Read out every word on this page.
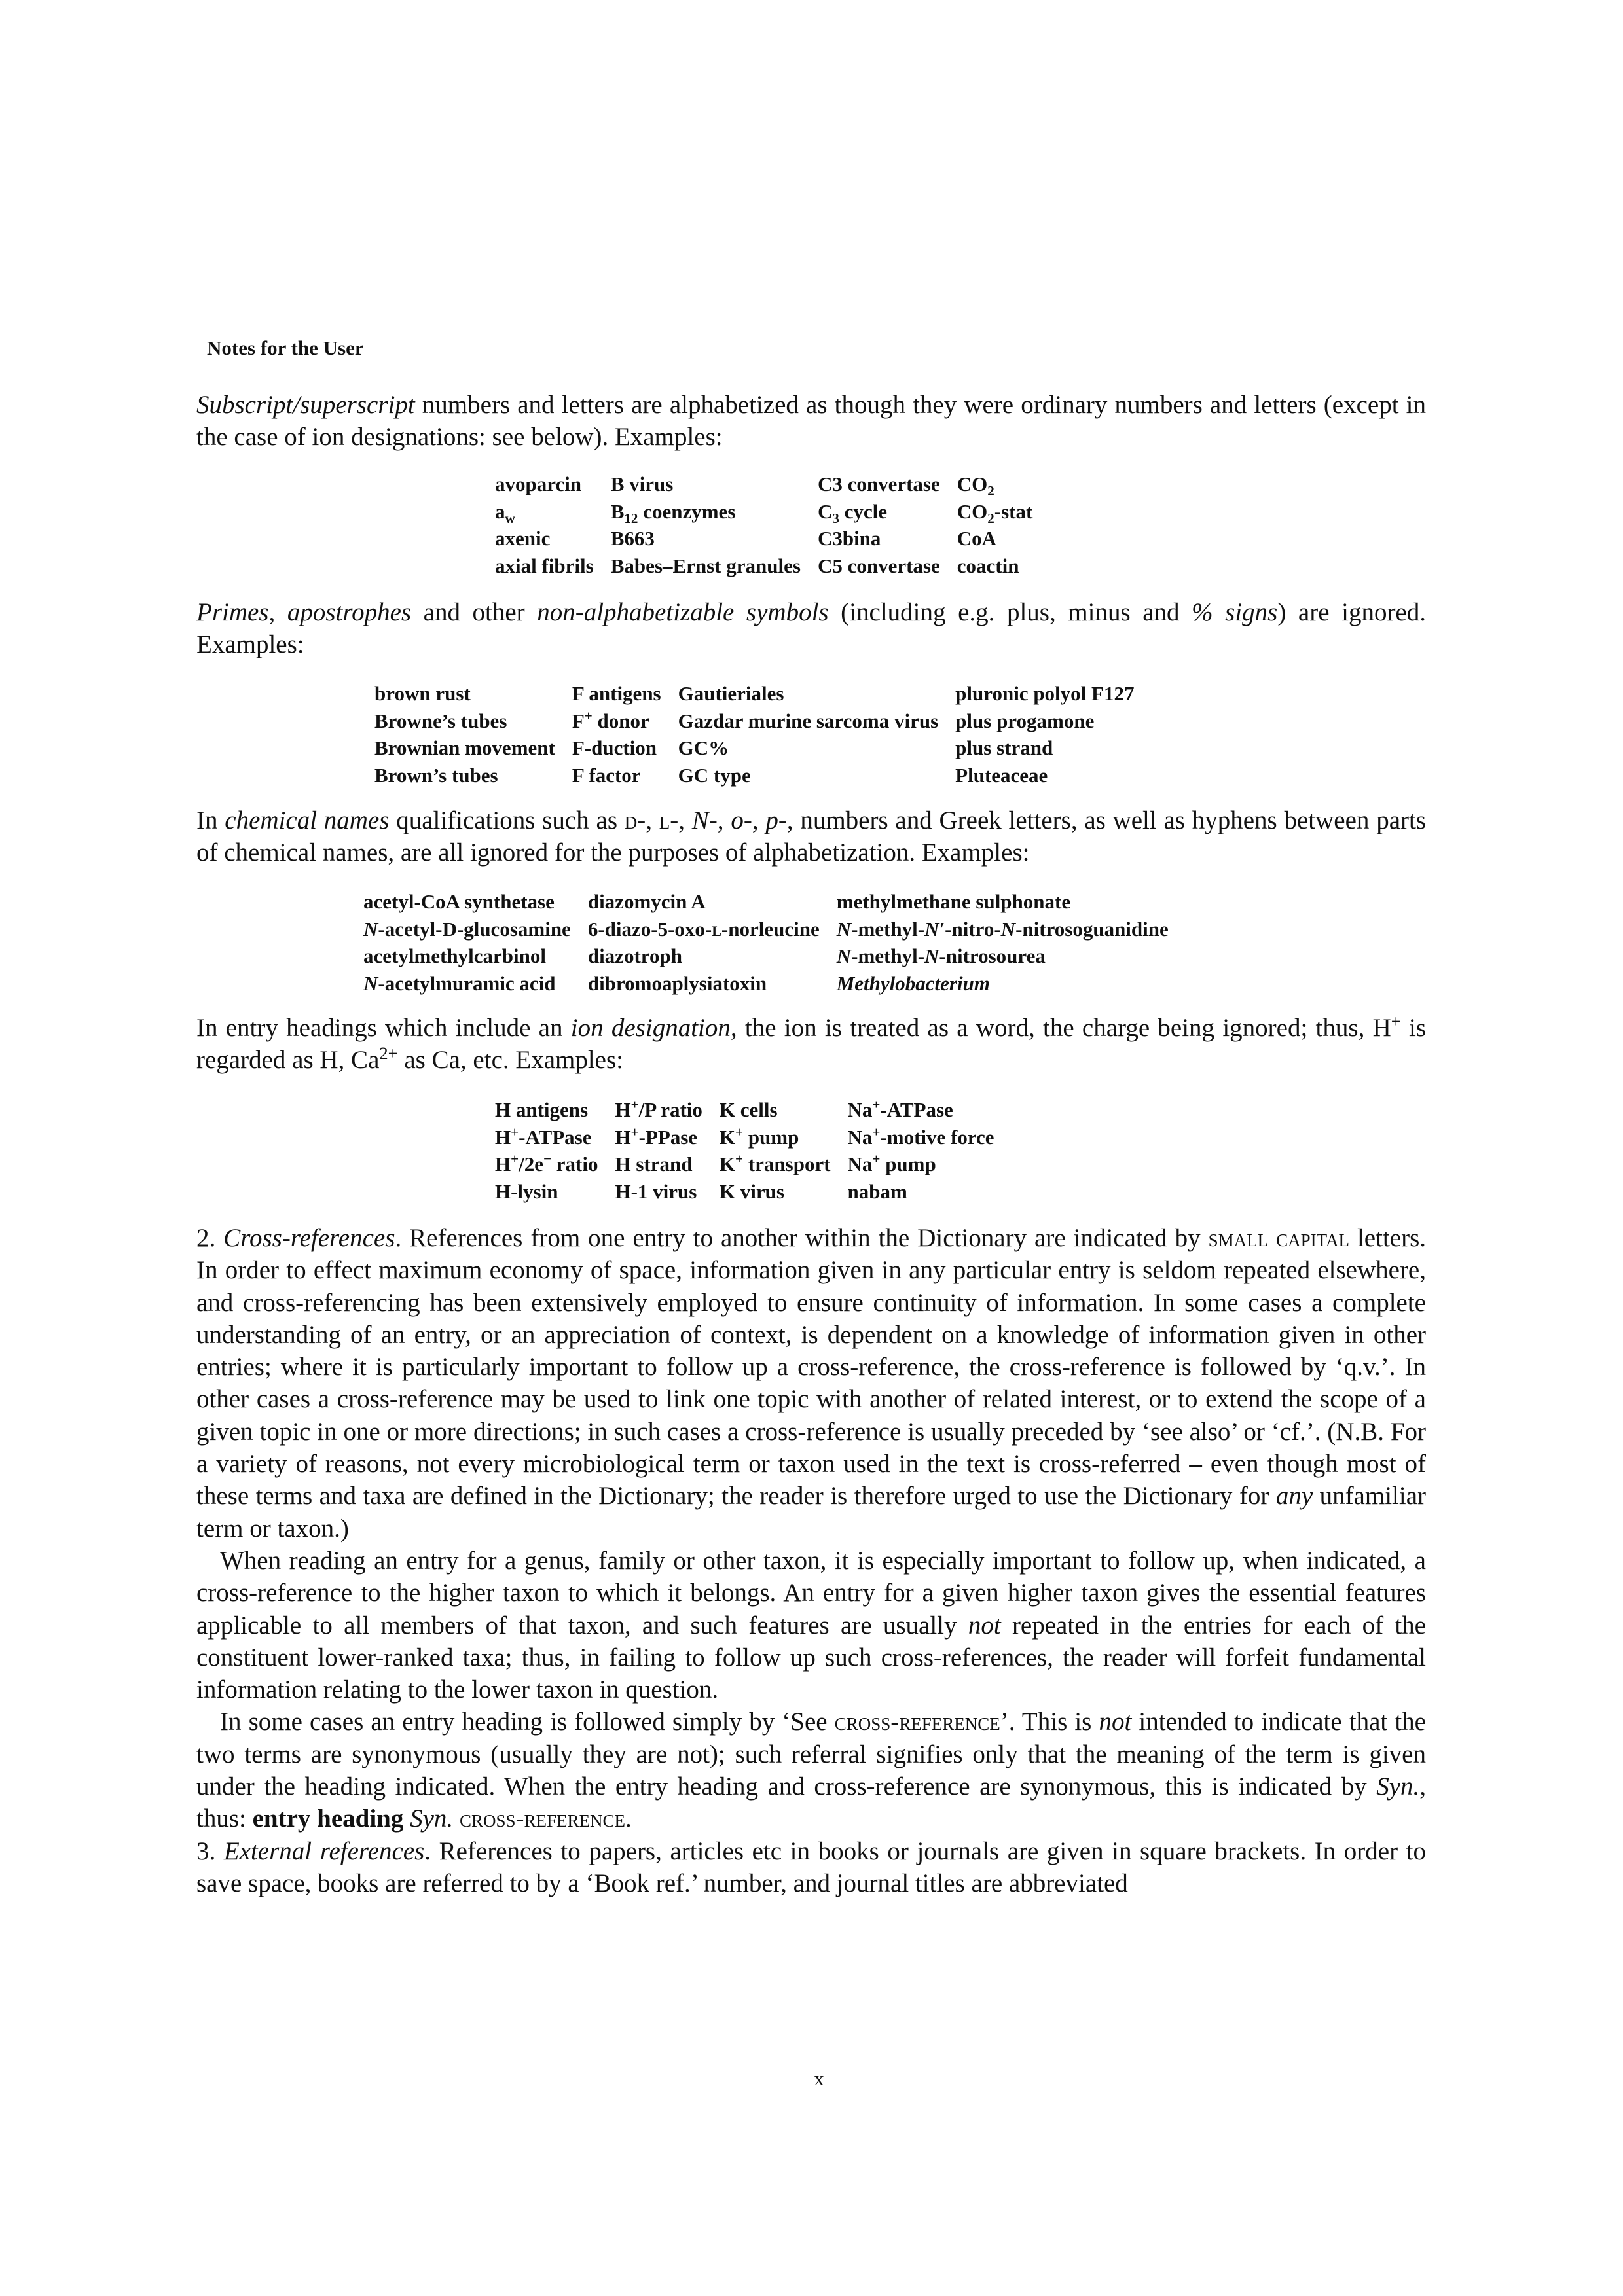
Notes for the User

Subscript/superscript numbers and letters are alphabetized as though they were ordinary numbers and letters (except in the case of ion designations: see below). Examples:

avoparcin	B virus	C3 convertase	$CO_2$
$a_w$	$B_{12}$ coenzymes	$C_3$ cycle	$CO_2$-stat
axenic	B663	C3bina	CoA
axial fibrils	Babes–Ernst granules	C5 convertase	coactin

Primes, apostrophes and other non-alphabetizable symbols (including e.g. plus, minus and % signs) are ignored. Examples:

brown rust	F antigens	Gautieriales	pluronic polyol F127
Browne’s tubes	F+ donor	Gazdar murine sarcoma virus	plus progamone
Brownian movement	F-duction	GC%	plus strand
Brown’s tubes	F factor	GC type	Pluteaceae

In chemical names qualifications such as d-, l-, N-, o-, p-, numbers and Greek letters, as well as hyphens between parts of chemical names, are all ignored for the purposes of alphabetization. Examples:

acetyl-CoA synthetase	diazomycin A	methylmethane sulphonate
N-acetyl-D-glucosamine	6-diazo-5-oxo-l-norleucine	N-methyl-N′-nitro-N-nitrosoguanidine
acetylmethylcarbinol	diazotroph	N-methyl-N-nitrosourea
N-acetylmuramic acid	dibromoaplysiatoxin	Methylobacterium

In entry headings which include an ion designation, the ion is treated as a word, the charge being ignored; thus, H+ is regarded as H, $Ca^{2+}$ as Ca, etc. Examples:

H antigens	H+/P ratio	K cells	Na+-ATPase
H+-ATPase	H+-PPase	K+ pump	Na+-motive force
H+/2e− ratio	H strand	K+ transport	Na+ pump
H-lysin	H-1 virus	K virus	nabam

2. Cross-references. References from one entry to another within the Dictionary are indicated by small capital letters. In order to effect maximum economy of space, information given in any particular entry is seldom repeated elsewhere, and cross-referencing has been extensively employed to ensure continuity of information. In some cases a complete understanding of an entry, or an appreciation of context, is dependent on a knowledge of information given in other entries; where it is particularly important to follow up a cross-reference, the cross-reference is followed by ‘q.v.’. In other cases a cross-reference may be used to link one topic with another of related interest, or to extend the scope of a given topic in one or more directions; in such cases a cross-reference is usually preceded by ‘see also’ or ‘cf.’. (N.B. For a variety of reasons, not every microbiological term or taxon used in the text is cross-referred – even though most of these terms and taxa are defined in the Dictionary; the reader is therefore urged to use the Dictionary for any unfamiliar term or taxon.)

When reading an entry for a genus, family or other taxon, it is especially important to follow up, when indicated, a cross-reference to the higher taxon to which it belongs. An entry for a given higher taxon gives the essential features applicable to all members of that taxon, and such features are usually not repeated in the entries for each of the constituent lower-ranked taxa; thus, in failing to follow up such cross-references, the reader will forfeit fundamental information relating to the lower taxon in question.

In some cases an entry heading is followed simply by ‘See cross-reference’. This is not intended to indicate that the two terms are synonymous (usually they are not); such referral signifies only that the meaning of the term is given under the heading indicated. When the entry heading and cross-reference are synonymous, this is indicated by Syn., thus: entry heading Syn. cross-reference.

3. External references. References to papers, articles etc in books or journals are given in square brackets. In order to save space, books are referred to by a ‘Book ref.’ number, and journal titles are abbreviated

x
